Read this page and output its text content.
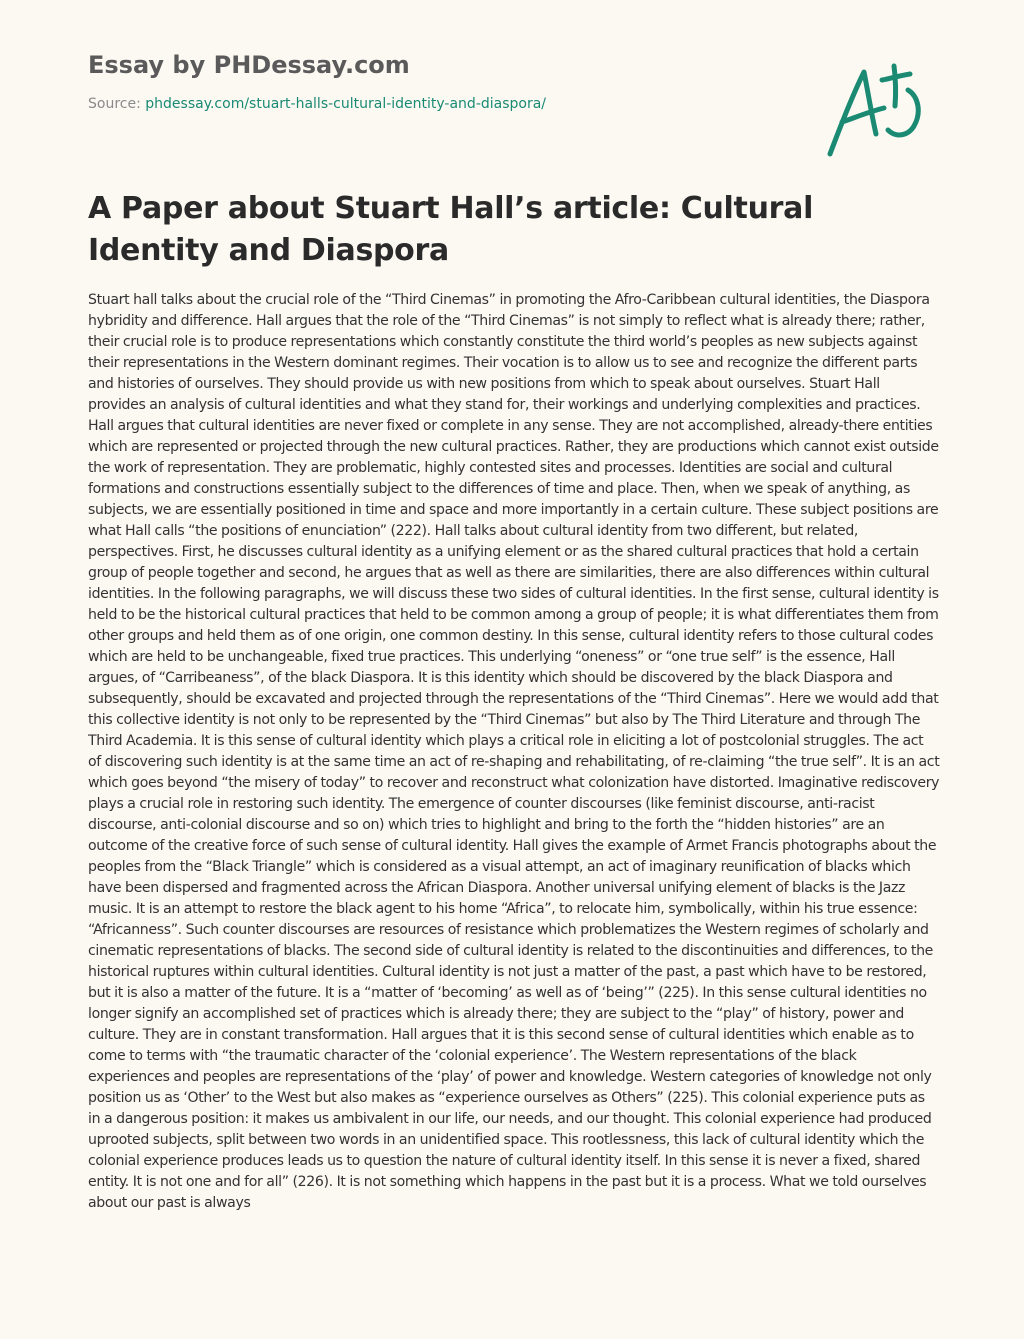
Essay by PHDessay.com
Source: phdessay.com/stuart-halls-cultural-identity-and-diaspora/
A Paper about Stuart Hall’s article: Cultural Identity and Diaspora

Stuart hall talks about the crucial role of the “Third Cinemas” in promoting the Afro-Caribbean cultural identities, the Diaspora hybridity and difference. Hall argues that the role of the “Third Cinemas” is not simply to reflect what is already there; rather, their crucial role is to produce representations which constantly constitute the third world’s peoples as new subjects against their representations in the Western dominant regimes. Their vocation is to allow us to see and recognize the different parts and histories of ourselves. They should provide us with new positions from which to speak about ourselves. Stuart Hall provides an analysis of cultural identities and what they stand for, their workings and underlying complexities and practices. Hall argues that cultural identities are never fixed or complete in any sense. They are not accomplished, already-there entities which are represented or projected through the new cultural practices. Rather, they are productions which cannot exist outside the work of representation. They are problematic, highly contested sites and processes. Identities are social and cultural formations and constructions essentially subject to the differences of time and place. Then, when we speak of anything, as subjects, we are essentially positioned in time and space and more importantly in a certain culture. These subject positions are what Hall calls “the positions of enunciation” (222). Hall talks about cultural identity from two different, but related, perspectives. First, he discusses cultural identity as a unifying element or as the shared cultural practices that hold a certain group of people together and second, he argues that as well as there are similarities, there are also differences within cultural identities. In the following paragraphs, we will discuss these two sides of cultural identities. In the first sense, cultural identity is held to be the historical cultural practices that held to be common among a group of people; it is what differentiates them from other groups and held them as of one origin, one common destiny. In this sense, cultural identity refers to those cultural codes which are held to be unchangeable, fixed true practices. This underlying “oneness” or “one true self” is the essence, Hall argues, of “Carribeaness”, of the black Diaspora. It is this identity which should be discovered by the black Diaspora and subsequently, should be excavated and projected through the representations of the “Third Cinemas”. Here we would add that this collective identity is not only to be represented by the “Third Cinemas” but also by The Third Literature and through The Third Academia. It is this sense of cultural identity which plays a critical role in eliciting a lot of postcolonial struggles. The act of discovering such identity is at the same time an act of re-shaping and rehabilitating, of re-claiming “the true self”. It is an act which goes beyond “the misery of today” to recover and reconstruct what colonization have distorted. Imaginative rediscovery plays a crucial role in restoring such identity. The emergence of counter discourses (like feminist discourse, anti-racist discourse, anti-colonial discourse and so on) which tries to highlight and bring to the forth the “hidden histories” are an outcome of the creative force of such sense of cultural identity. Hall gives the example of Armet Francis photographs about the peoples from the “Black Triangle” which is considered as a visual attempt, an act of imaginary reunification of blacks which have been dispersed and fragmented across the African Diaspora. Another universal unifying element of blacks is the Jazz music. It is an attempt to restore the black agent to his home “Africa”, to relocate him, symbolically, within his true essence: “Africanness”. Such counter discourses are resources of resistance which problematizes the Western regimes of scholarly and cinematic representations of blacks. The second side of cultural identity is related to the discontinuities and differences, to the historical ruptures within cultural identities. Cultural identity is not just a matter of the past, a past which have to be restored, but it is also a matter of the future. It is a “matter of ‘becoming’ as well as of ‘being’” (225). In this sense cultural identities no longer signify an accomplished set of practices which is already there; they are subject to the “play” of history, power and culture. They are in constant transformation. Hall argues that it is this second sense of cultural identities which enable as to come to terms with “the traumatic character of the ‘colonial experience’. The Western representations of the black experiences and peoples are representations of the ‘play’ of power and knowledge. Western categories of knowledge not only position us as ‘Other’ to the West but also makes as “experience ourselves as Others” (225). This colonial experience puts as in a dangerous position: it makes us ambivalent in our life, our needs, and our thought. This colonial experience had produced uprooted subjects, split between two words in an unidentified space. This rootlessness, this lack of cultural identity which the colonial experience produces leads us to question the nature of cultural identity itself. In this sense it is never a fixed, shared entity. It is not one and for all” (226). It is not something which happens in the past but it is a process. What we told ourselves about our past is always
